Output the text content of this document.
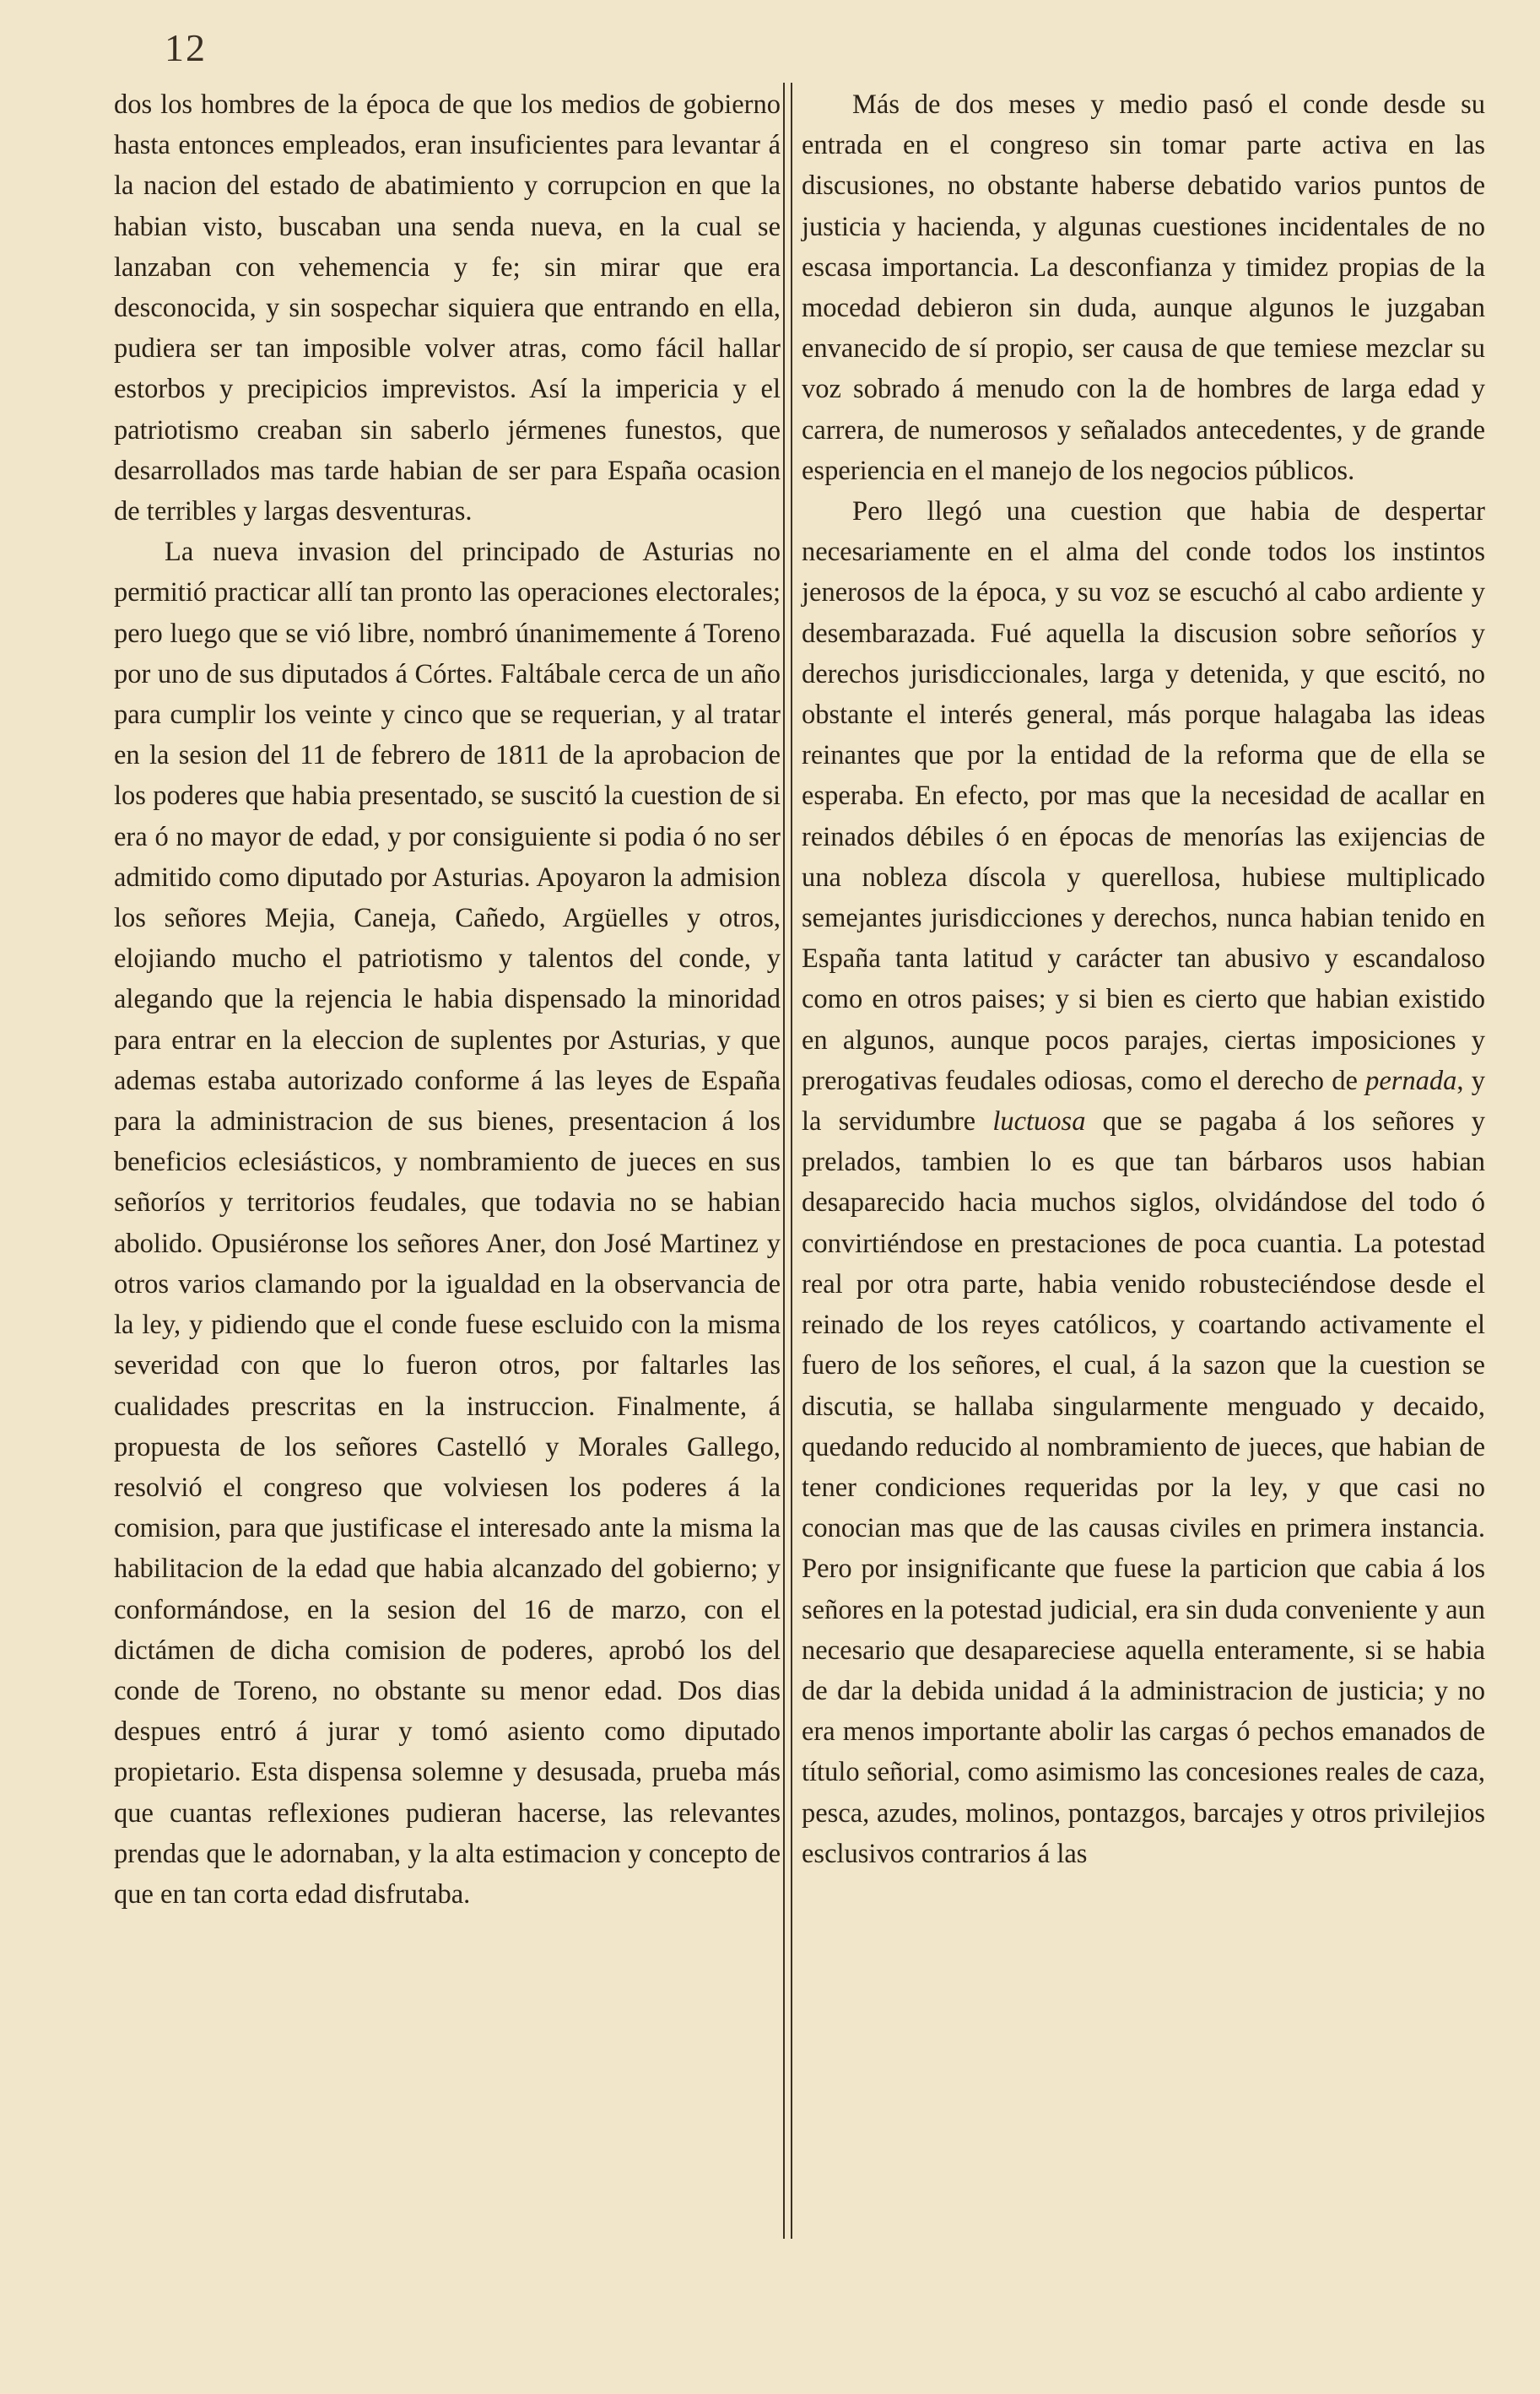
12

dos los hombres de la época de que los medios de gobierno hasta entonces empleados, eran insuficientes para levantar á la nacion del estado de abatimiento y corrupcion en que la habian visto, buscaban una senda nueva, en la cual se lanzaban con vehemencia y fe; sin mirar que era desconocida, y sin sospechar siquiera que entrando en ella, pudiera ser tan imposible volver atras, como fácil hallar estorbos y precipicios imprevistos. Así la impericia y el patriotismo creaban sin saberlo jérmenes funestos, que desarrollados mas tarde habian de ser para España ocasion de terribles y largas desventuras.

La nueva invasion del principado de Asturias no permitió practicar allí tan pronto las operaciones electorales; pero luego que se vió libre, nombró únanimemente á Toreno por uno de sus diputados á Córtes. Faltábale cerca de un año para cumplir los veinte y cinco que se requerian, y al tratar en la sesion del 11 de febrero de 1811 de la aprobacion de los poderes que habia presentado, se suscitó la cuestion de si era ó no mayor de edad, y por consiguiente si podia ó no ser admitido como diputado por Asturias. Apoyaron la admision los señores Mejia, Caneja, Cañedo, Argüelles y otros, elojiando mucho el patriotismo y talentos del conde, y alegando que la rejencia le habia dispensado la minoridad para entrar en la eleccion de suplentes por Asturias, y que ademas estaba autorizado conforme á las leyes de España para la administracion de sus bienes, presentacion á los beneficios eclesiásticos, y nombramiento de jueces en sus señoríos y territorios feudales, que todavia no se habian abolido. Opusiéronse los señores Aner, don José Martinez y otros varios clamando por la igualdad en la observancia de la ley, y pidiendo que el conde fuese escluido con la misma severidad con que lo fueron otros, por faltarles las cualidades prescritas en la instruccion. Finalmente, á propuesta de los señores Castelló y Morales Gallego, resolvió el congreso que volviesen los poderes á la comision, para que justificase el interesado ante la misma la habilitacion de la edad que habia alcanzado del gobierno; y conformándose, en la sesion del 16 de marzo, con el dictámen de dicha comision de poderes, aprobó los del conde de Toreno, no obstante su menor edad. Dos dias despues entró á jurar y tomó asiento como diputado propietario. Esta dispensa solemne y desusada, prueba más que cuantas reflexiones pudieran hacerse, las relevantes prendas que le adornaban, y la alta estimacion y concepto de que en tan corta edad disfrutaba.

Más de dos meses y medio pasó el conde desde su entrada en el congreso sin tomar parte activa en las discusiones, no obstante haberse debatido varios puntos de justicia y hacienda, y algunas cuestiones incidentales de no escasa importancia. La desconfianza y timidez propias de la mocedad debieron sin duda, aunque algunos le juzgaban envanecido de sí propio, ser causa de que temiese mezclar su voz sobrado á menudo con la de hombres de larga edad y carrera, de numerosos y señalados antecedentes, y de grande esperiencia en el manejo de los negocios públicos.

Pero llegó una cuestion que habia de despertar necesariamente en el alma del conde todos los instintos jenerosos de la época, y su voz se escuchó al cabo ardiente y desembarazada. Fué aquella la discusion sobre señoríos y derechos jurisdiccionales, larga y detenida, y que escitó, no obstante el interés general, más porque halagaba las ideas reinantes que por la entidad de la reforma que de ella se esperaba. En efecto, por mas que la necesidad de acallar en reinados débiles ó en épocas de menorías las exijencias de una nobleza díscola y querellosa, hubiese multiplicado semejantes jurisdicciones y derechos, nunca habian tenido en España tanta latitud y carácter tan abusivo y escandaloso como en otros paises; y si bien es cierto que habian existido en algunos, aunque pocos parajes, ciertas imposiciones y prerogativas feudales odiosas, como el derecho de pernada, y la servidumbre luctuosa que se pagaba á los señores y prelados, tambien lo es que tan bárbaros usos habian desaparecido hacia muchos siglos, olvidándose del todo ó convirtiéndose en prestaciones de poca cuantia. La potestad real por otra parte, habia venido robusteciéndose desde el reinado de los reyes católicos, y coartando activamente el fuero de los señores, el cual, á la sazon que la cuestion se discutia, se hallaba singularmente menguado y decaido, quedando reducido al nombramiento de jueces, que habian de tener condiciones requeridas por la ley, y que casi no conocian mas que de las causas civiles en primera instancia. Pero por insignificante que fuese la particion que cabia á los señores en la potestad judicial, era sin duda conveniente y aun necesario que desapareciese aquella enteramente, si se habia de dar la debida unidad á la administracion de justicia; y no era menos importante abolir las cargas ó pechos emanados de título señorial, como asimismo las concesiones reales de caza, pesca, azudes, molinos, pontazgos, barcajes y otros privilejios esclusivos contrarios á las
